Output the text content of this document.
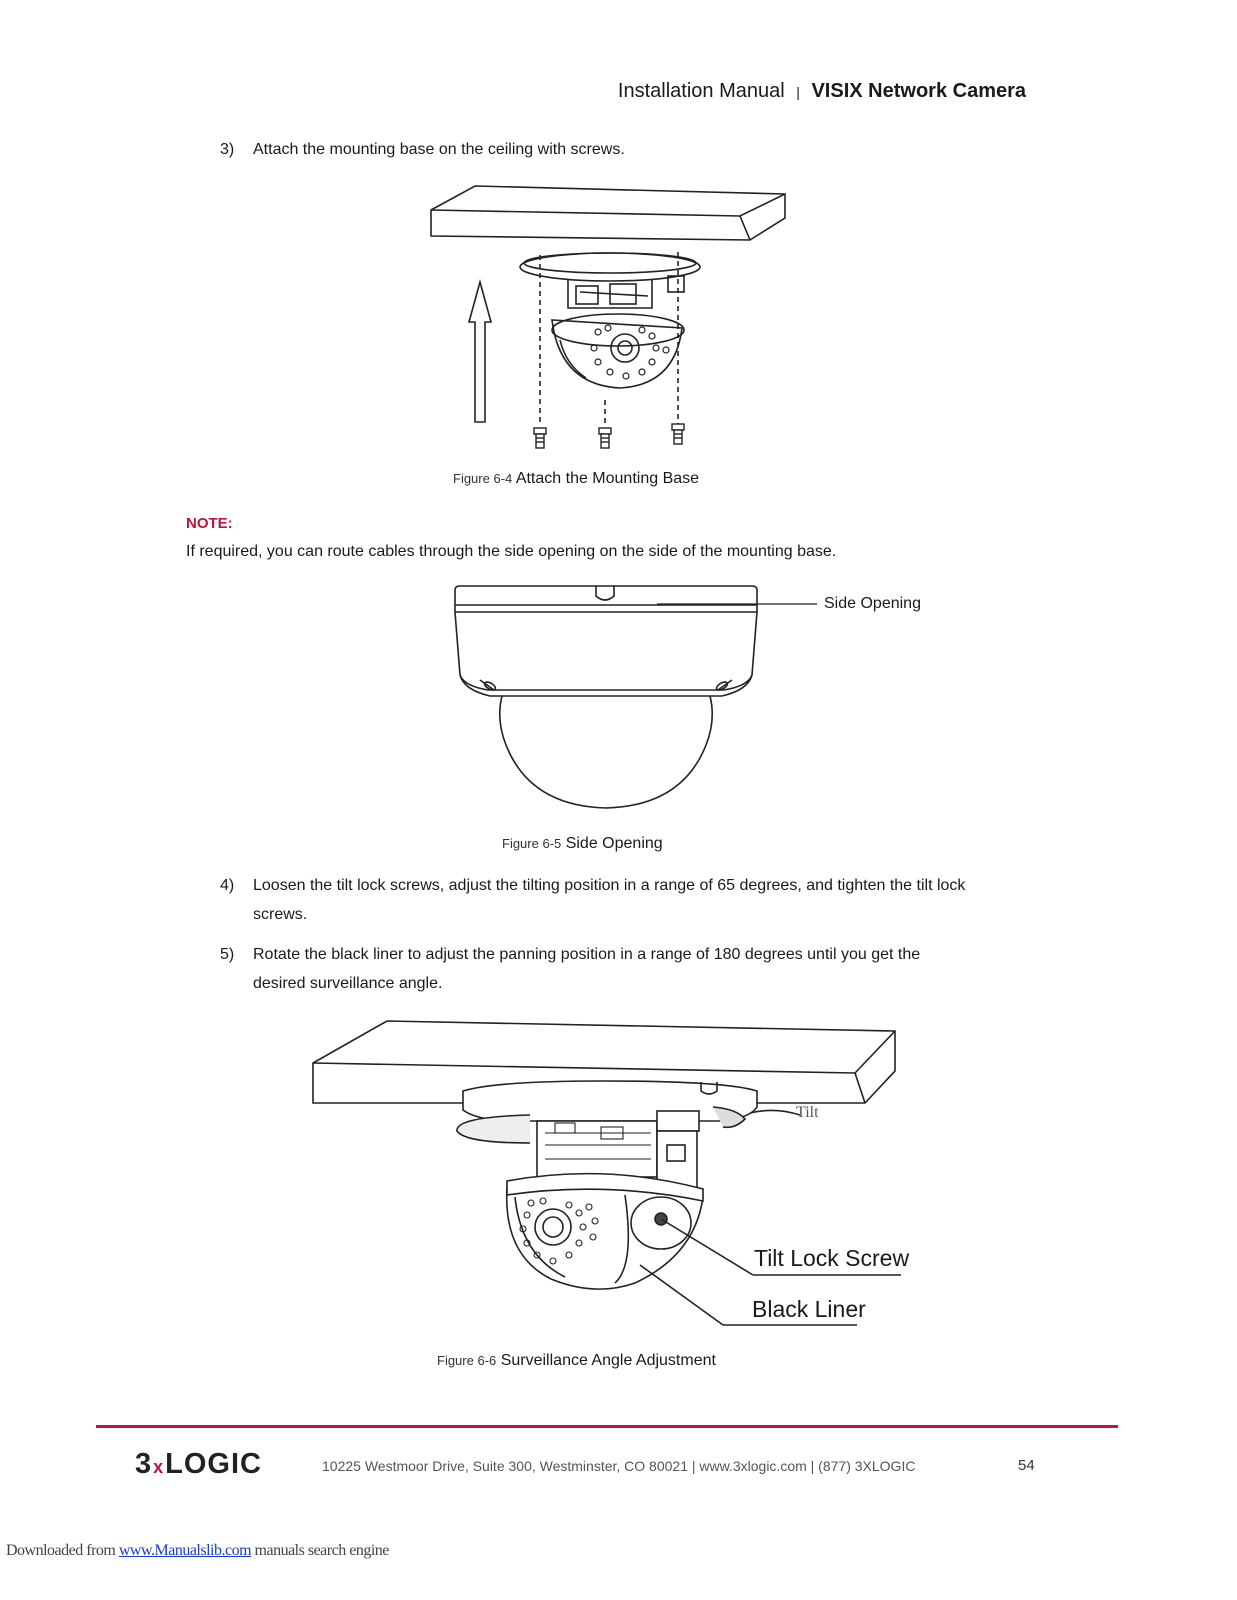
Installation Manual | VISIX Network Camera
3) Attach the mounting base on the ceiling with screws.
Figure 6-4 Attach the Mounting Base
NOTE:
If required, you can route cables through the side opening on the side of the mounting base.
Side Opening
Figure 6-5 Side Opening
4) Loosen the tilt lock screws, adjust the tilting position in a range of 65 degrees, and tighten the tilt lock
screws.
5) Rotate the black liner to adjust the panning position in a range of 180 degrees until you get the
desired surveillance angle.
Tilt
Tilt Lock Screw
Black Liner
Figure 6-6 Surveillance Angle Adjustment
3xLOGIC	10225 Westmoor Drive, Suite 300, Westminster, CO 80021 | www.3xlogic.com | (877) 3XLOGIC	54
Downloaded from www.Manualslib.com manuals search engine
